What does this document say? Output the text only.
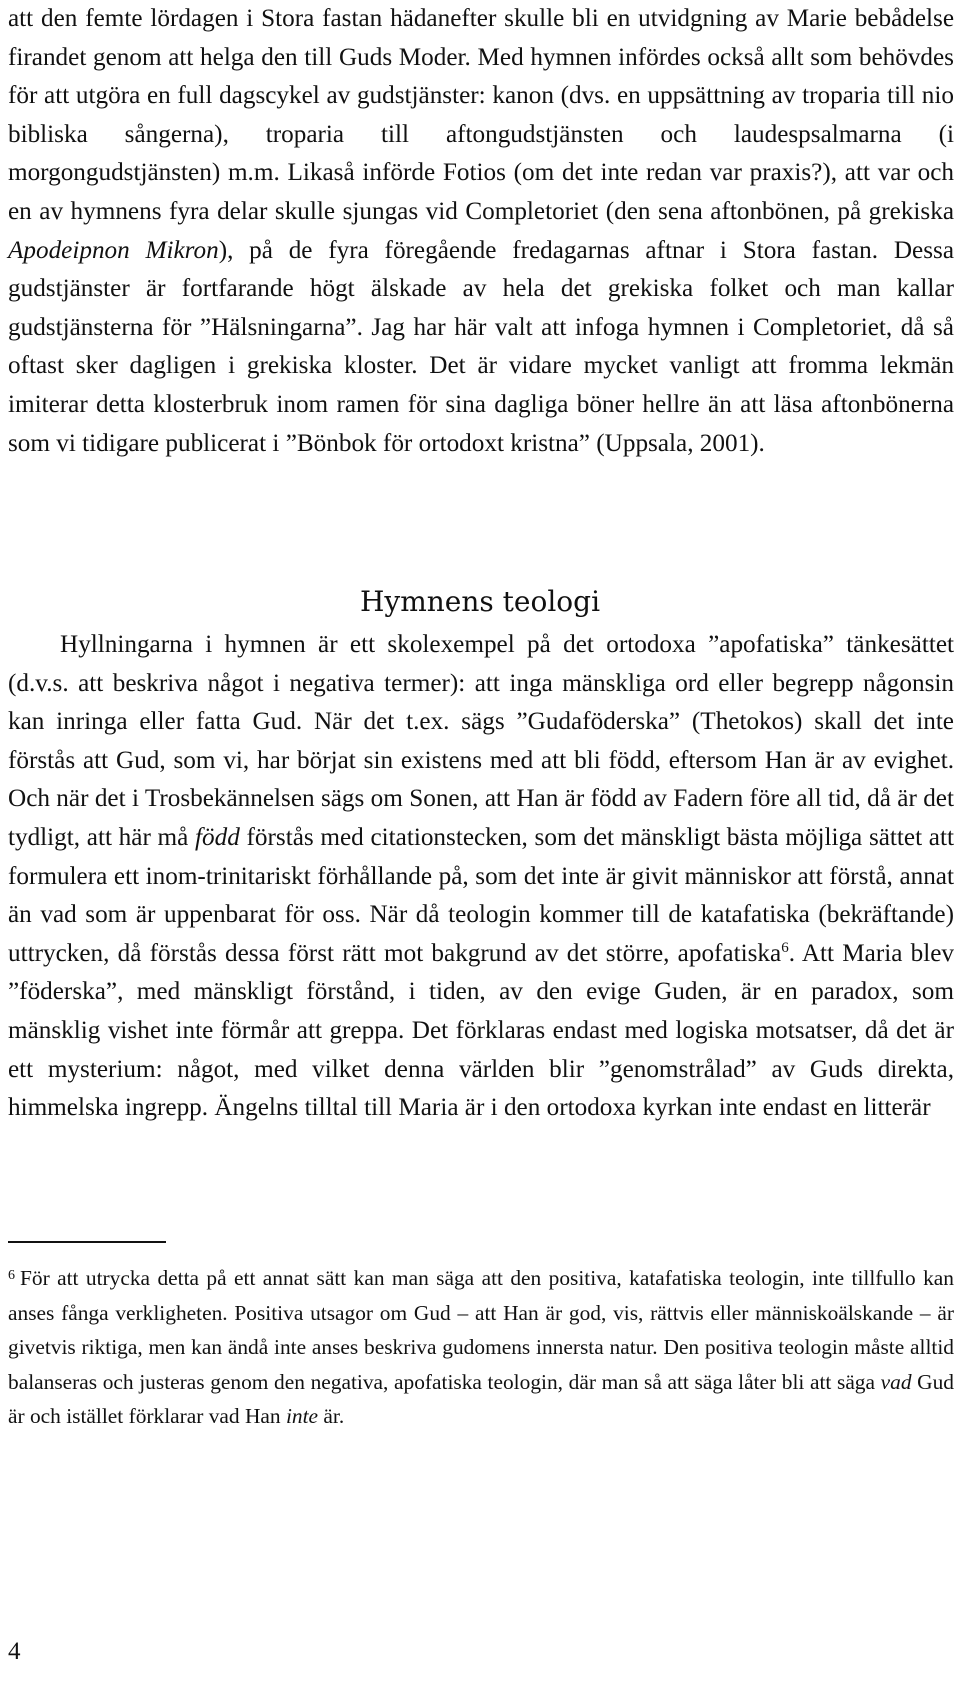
att den femte lördagen i Stora fastan hädanefter skulle bli en utvidgning av Marie bebådelse firandet genom att helga den till Guds Moder. Med hymnen infördes också allt som behövdes för att utgöra en full dagscykel av gudstjänster: kanon (dvs. en uppsättning av troparia till nio bibliska sångerna), troparia till aftongudstjänsten och laudespsalmarna (i morgongudstjänsten) m.m. Likaså införde Fotios (om det inte redan var praxis?), att var och en av hymnens fyra delar skulle sjungas vid Completoriet (den sena aftonbönen, på grekiska Apodeipnon Mikron), på de fyra föregående fredagarnas aftnar i Stora fastan. Dessa gudstjänster är fortfarande högt älskade av hela det grekiska folket och man kallar gudstjänsterna för ”Hälsningarna”. Jag har här valt att infoga hymnen i Completoriet, då så oftast sker dagligen i grekiska kloster. Det är vidare mycket vanligt att fromma lekmän imiterar detta klosterbruk inom ramen för sina dagliga böner hellre än att läsa aftonbönerna som vi tidigare publicerat i ”Bönbok för ortodoxt kristna” (Uppsala, 2001).

Hymnens teologi

Hyllningarna i hymnen är ett skolexempel på det ortodoxa ”apofatiska” tänkesättet (d.v.s. att beskriva något i negativa termer): att inga mänskliga ord eller begrepp någonsin kan inringa eller fatta Gud. När det t.ex. sägs ”Gudaföderska” (Thetokos) skall det inte förstås att Gud, som vi, har börjat sin existens med att bli född, eftersom Han är av evighet. Och när det i Trosbekännelsen sägs om Sonen, att Han är född av Fadern före all tid, då är det tydligt, att här må född förstås med citationstecken, som det mänskligt bästa möjliga sättet att formulera ett inom-trinitariskt förhållande på, som det inte är givit människor att förstå, annat än vad som är uppenbarat för oss. När då teologin kommer till de katafatiska (bekräftande) uttrycken, då förstås dessa först rätt mot bakgrund av det större, apofatiska$^6$. Att Maria blev ”föderska”, med mänskligt förstånd, i tiden, av den evige Guden, är en paradox, som mänsklig vishet inte förmår att greppa. Det förklaras endast med logiska motsatser, då det är ett mysterium: något, med vilket denna världen blir ”genomstrålad” av Guds direkta, himmelska ingrepp. Ängelns tilltal till Maria är i den ortodoxa kyrkan inte endast en litterär

$^6$ För att utrycka detta på ett annat sätt kan man säga att den positiva, katafatiska teologin, inte tillfullo kan anses fånga verkligheten. Positiva utsagor om Gud – att Han är god, vis, rättvis eller människoälskande – är givetvis riktiga, men kan ändå inte anses beskriva gudomens innersta natur. Den positiva teologin måste alltid balanseras och justeras genom den negativa, apofatiska teologin, där man så att säga låter bli att säga vad Gud är och istället förklarar vad Han inte är.

4
